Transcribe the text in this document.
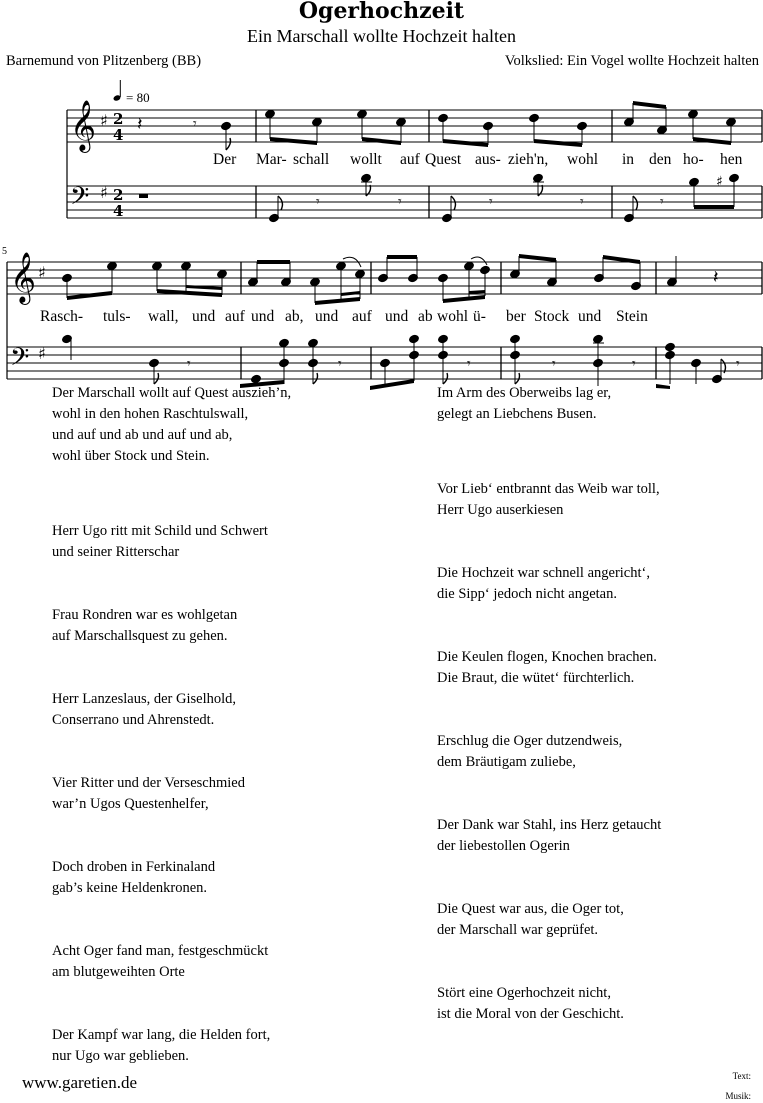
Ogerhochzeit
Ein Marschall wollte Hochzeit halten
Barnemund von Plitzenberg (BB)	Volkslied: Ein Vogel wollte Hochzeit halten
𝄞 ♯ 2
4
𝄢 ♯ 2
4
= 80
𝄽	𝄾
𝄾	𝄾	𝄾	𝄾	𝄾
♯
Der Mar- schall wollt auf Quest aus- zieh'n, wohl in den ho- hen
5
𝄞 ♯
𝄢 ♯
𝄽
𝄾	𝄾	𝄾	𝄾	𝄾	𝄾
Rasch- tuls- wall, und auf und ab, und auf und ab wohl ü- ber Stock und Stein
Der Marschall wollt auf Quest auszieh’n,
wohl in den hohen Raschtulswall,
und auf und ab und auf und ab,
wohl über Stock und Stein.
Herr Ugo ritt mit Schild und Schwert
und seiner Ritterschar
Frau Rondren war es wohlgetan
auf Marschallsquest zu gehen.
Herr Lanzeslaus, der Giselhold,
Conserrano und Ahrenstedt.
Vier Ritter und der Verseschmied
war’n Ugos Questenhelfer,
Doch droben in Ferkinaland
gab’s keine Heldenkronen.
Acht Oger fand man, festgeschmückt
am blutgeweihten Orte
Der Kampf war lang, die Helden fort,
nur Ugo war geblieben.
Im Arm des Oberweibs lag er,
gelegt an Liebchens Busen.
Vor Lieb‘ entbrannt das Weib war toll,
Herr Ugo auserkiesen
Die Hochzeit war schnell angericht‘,
die Sipp‘ jedoch nicht angetan.
Die Keulen flogen, Knochen brachen.
Die Braut, die wütet‘ fürchterlich.
Erschlug die Oger dutzendweis,
dem Bräutigam zuliebe,
Der Dank war Stahl, ins Herz getaucht
der liebestollen Ogerin
Die Quest war aus, die Oger tot,
der Marschall war geprüfet.
Stört eine Ogerhochzeit nicht,
ist die Moral von der Geschicht.
www.garetien.de	Text:
Musik:
